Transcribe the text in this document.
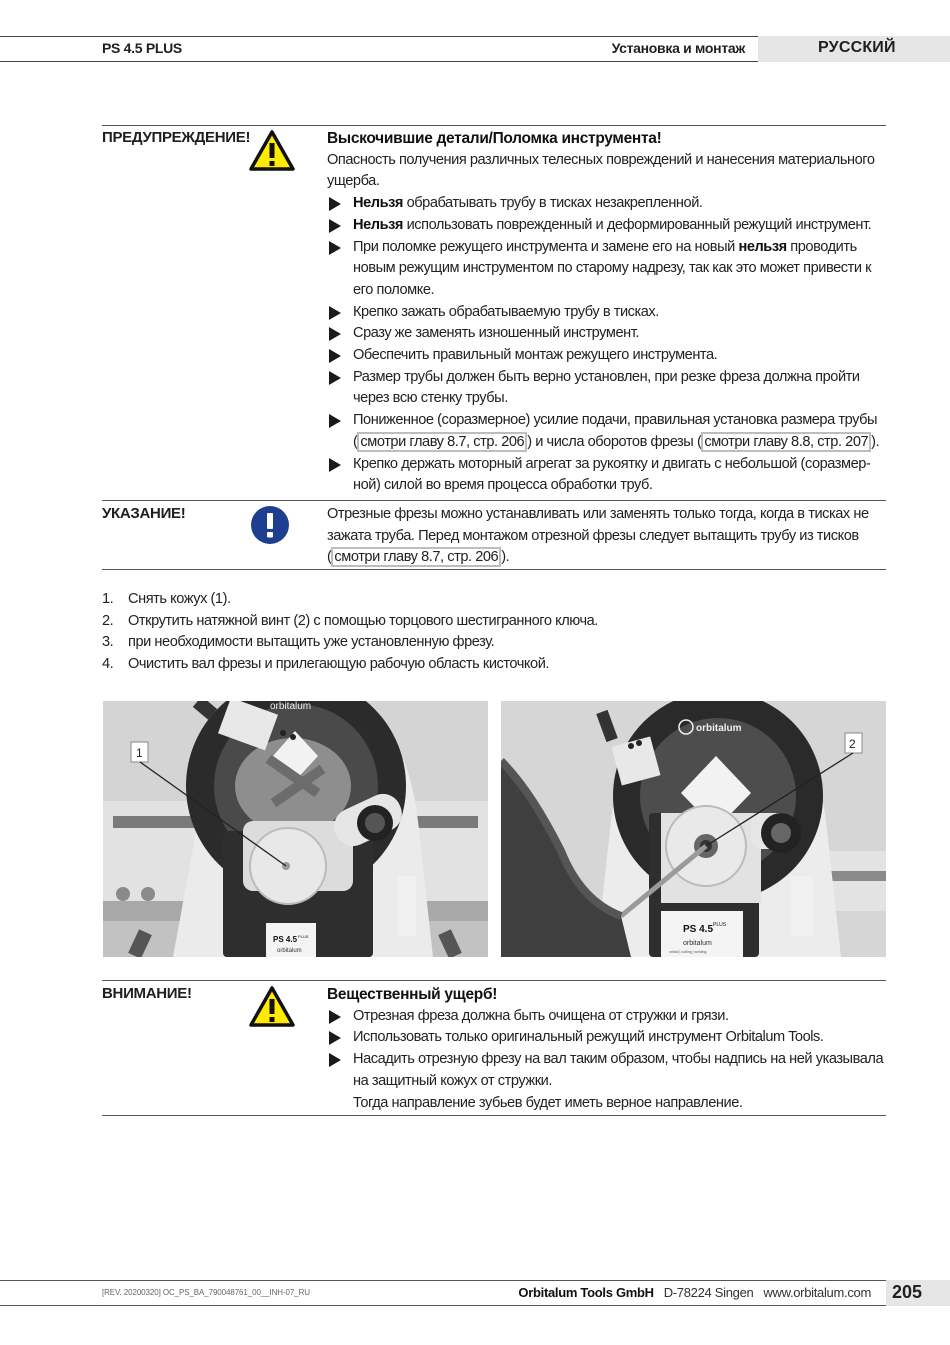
PS 4.5 PLUS	Установка и монтаж	РУССКИЙ
ПРЕДУПРЕЖДЕНИЕ!	Выскочившие детали/Поломка инструмента!
Опасность получения различных телесных повреждений и нанесения материального ущерба.
Нельзя обрабатывать трубу в тисках незакрепленной.
Нельзя использовать поврежденный и деформированный режущий инструмент.
При поломке режущего инструмента и замене его на новый нельзя проводить новым режущим инструментом по старому надрезу, так как это может привести к его поломке.
Крепко зажать обрабатываемую трубу в тисках.
Сразу же заменять изношенный инструмент.
Обеспечить правильный монтаж режущего инструмента.
Размер трубы должен быть верно установлен, при резке фреза должна пройти через всю стенку трубы.
Пониженное (соразмерное) усилие подачи, правильная установка размера трубы ( смотри главу 8.7, стр. 206 ) и числа оборотов фрезы ( смотри главу 8.8, стр. 207 ).
Крепко держать моторный агрегат за рукоятку и двигать с небольшой (соразмер-ной) силой во время процесса обработки труб.
УКАЗАНИЕ!	Отрезные фрезы можно устанавливать или заменять только тогда, когда в тисках не зажата труба. Перед монтажом отрезной фрезы следует вытащить трубу из тисков ( смотри главу 8.7, стр. 206 ).
1. Снять кожух (1).
2. Открутить натяжной винт (2) с помощью торцового шестигранного ключа.
3. при необходимости вытащить уже установленную фрезу.
4. Очистить вал фрезы и прилегающую рабочую область кисточкой.
orbitalum
PS 4.5 PLUS
orbitalum
1
orbitalum
PS 4.5 PLUS
orbitalum
orbital | cutting | welding
2
ВНИМАНИЕ!	Вещественный ущерб!
Отрезная фреза должна быть очищена от стружки и грязи.
Использовать только оригинальный режущий инструмент Orbitalum Tools.
Насадить отрезную фрезу на вал таким образом, чтобы надпись на ней указывала на защитный кожух от стружки.
Тогда направление зубьев будет иметь верное направление.
[REV. 20200320] OC_PS_BA_790048761_00__INH-07_RU	Orbitalum Tools GmbH D-78224 Singen www.orbitalum.com 205
